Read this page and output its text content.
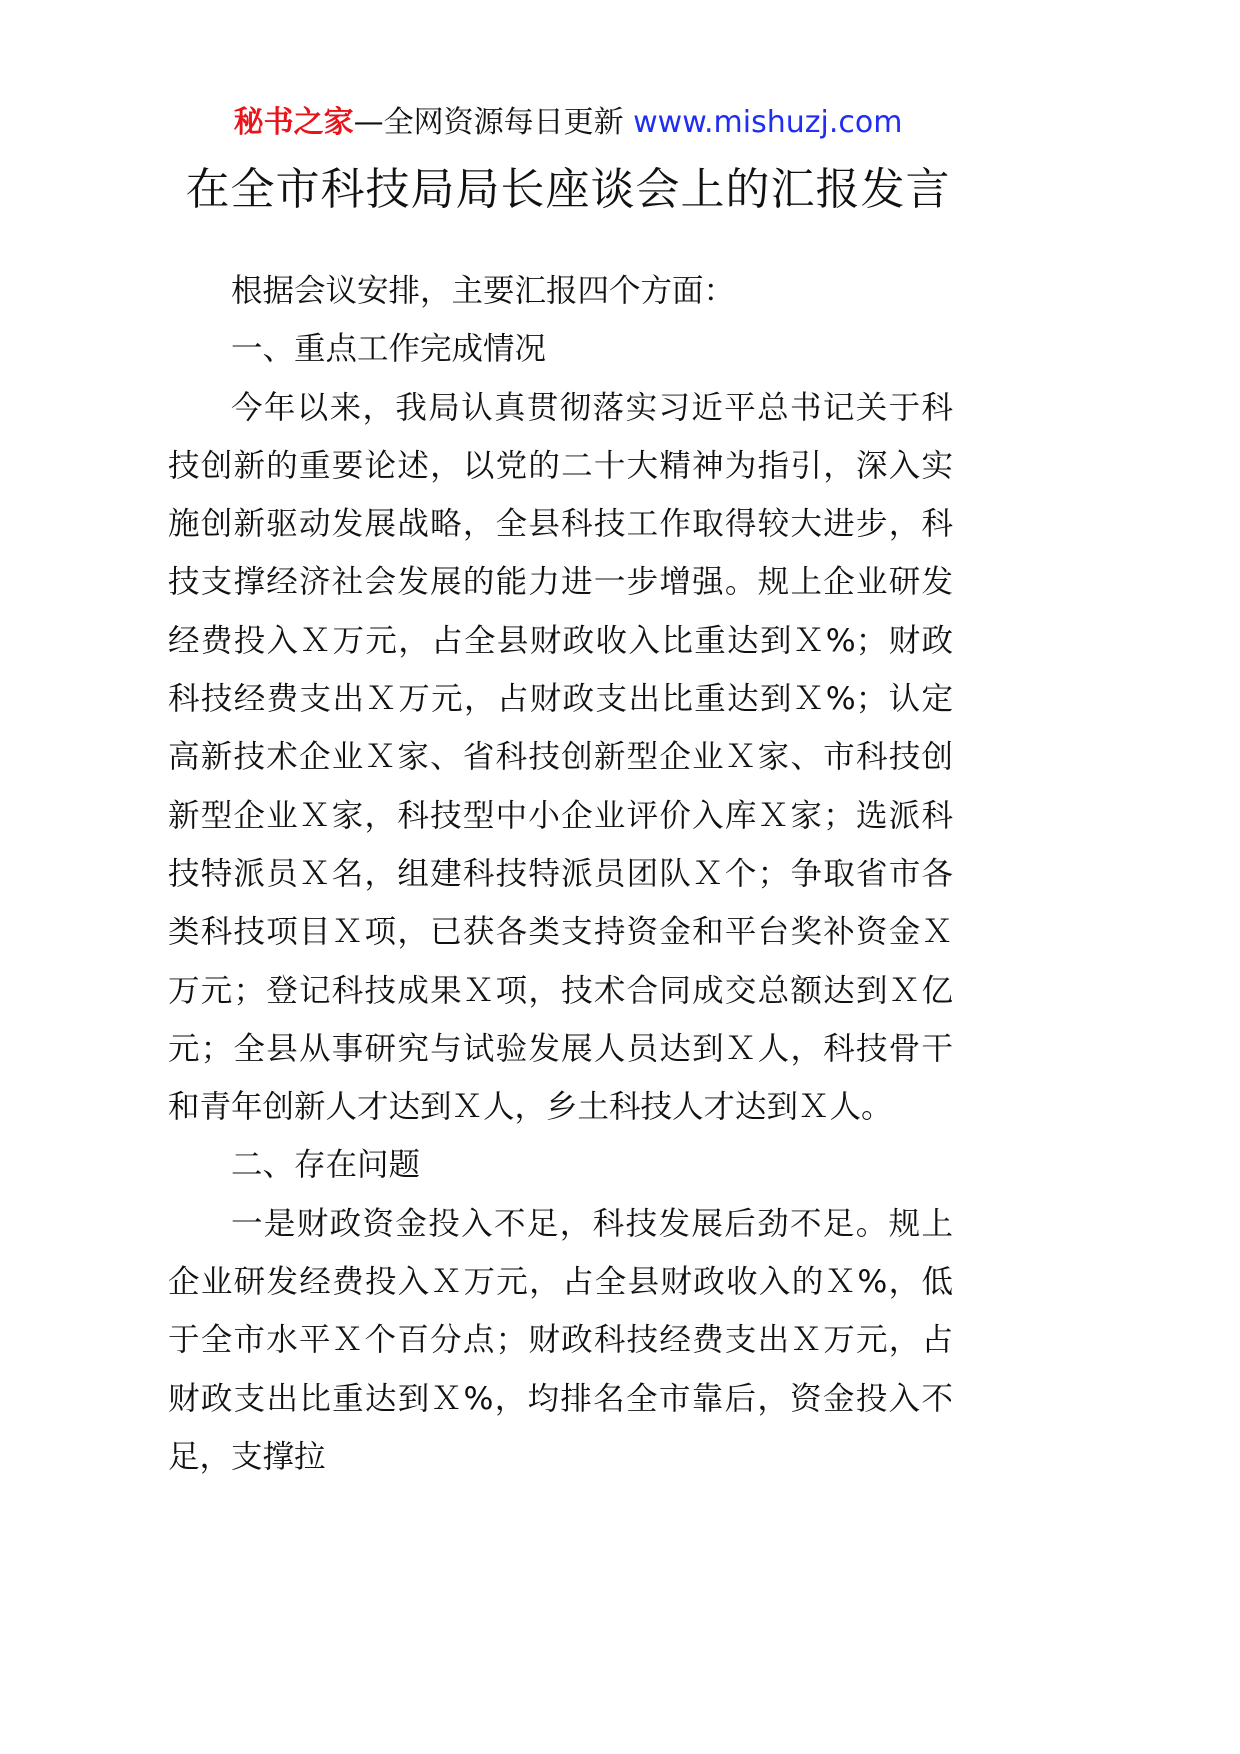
秘书之家—全网资源每日更新 www.mishuzj.com
在全市科技局局长座谈会上的汇报发言

根据会议安排，主要汇报四个方面：

一、重点工作完成情况

今年以来，我局认真贯彻落实习近平总书记关于科技创新的重要论述，以党的二十大精神为指引，深入实施创新驱动发展战略，全县科技工作取得较大进步，科技支撑经济社会发展的能力进一步增强。规上企业研发经费投入Ｘ万元，占全县财政收入比重达到Ｘ%；财政科技经费支出Ｘ万元，占财政支出比重达到Ｘ%；认定高新技术企业Ｘ家、省科技创新型企业Ｘ家、市科技创新型企业Ｘ家，科技型中小企业评价入库Ｘ家；选派科技特派员Ｘ名，组建科技特派员团队Ｘ个；争取省市各类科技项目Ｘ项，已获各类支持资金和平台奖补资金Ｘ万元；登记科技成果Ｘ项，技术合同成交总额达到Ｘ亿元；全县从事研究与试验发展人员达到Ｘ人，科技骨干和青年创新人才达到Ｘ人，乡土科技人才达到Ｘ人。

二、存在问题

一是财政资金投入不足，科技发展后劲不足。规上企业研发经费投入Ｘ万元，占全县财政收入的Ｘ%，低于全市水平Ｘ个百分点；财政科技经费支出Ｘ万元，占财政支出比重达到Ｘ%，均排名全市靠后，资金投入不足，支撑拉
